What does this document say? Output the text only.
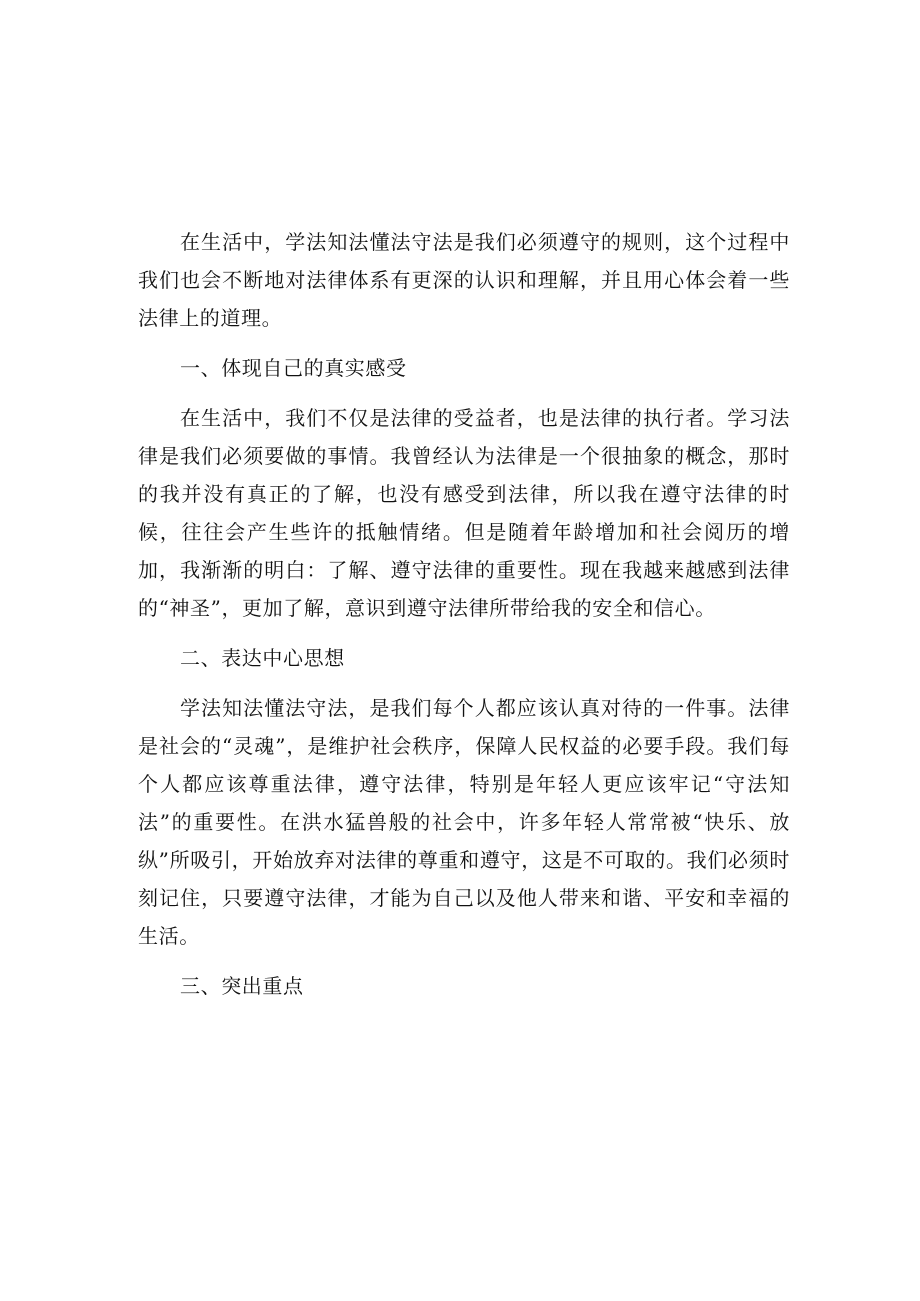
在生活中，学法知法懂法守法是我们必须遵守的规则，这个过程中我们也会不断地对法律体系有更深的认识和理解，并且用心体会着一些法律上的道理。

一、体现自己的真实感受

在生活中，我们不仅是法律的受益者，也是法律的执行者。学习法律是我们必须要做的事情。我曾经认为法律是一个很抽象的概念，那时的我并没有真正的了解，也没有感受到法律，所以我在遵守法律的时候，往往会产生些许的抵触情绪。但是随着年龄增加和社会阅历的增加，我渐渐的明白：了解、遵守法律的重要性。现在我越来越感到法律的“神圣”，更加了解，意识到遵守法律所带给我的安全和信心。

二、表达中心思想

学法知法懂法守法，是我们每个人都应该认真对待的一件事。法律是社会的“灵魂”，是维护社会秩序，保障人民权益的必要手段。我们每个人都应该尊重法律，遵守法律，特别是年轻人更应该牢记“守法知法”的重要性。在洪水猛兽般的社会中，许多年轻人常常被“快乐、放纵”所吸引，开始放弃对法律的尊重和遵守，这是不可取的。我们必须时刻记住，只要遵守法律，才能为自己以及他人带来和谐、平安和幸福的生活。

三、突出重点
